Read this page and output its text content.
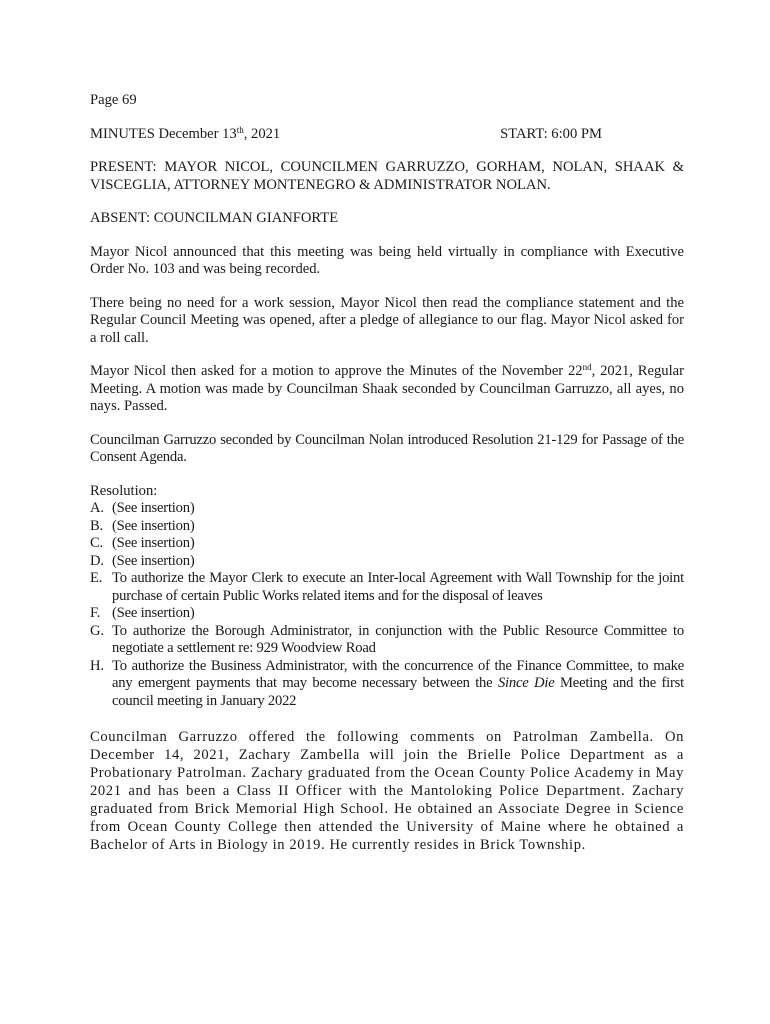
Page 69

MINUTES December 13th, 2021	START: 6:00 PM

PRESENT: MAYOR NICOL, COUNCILMEN GARRUZZO, GORHAM, NOLAN, SHAAK & VISCEGLIA, ATTORNEY MONTENEGRO & ADMINISTRATOR NOLAN.

ABSENT: COUNCILMAN GIANFORTE

Mayor Nicol announced that this meeting was being held virtually in compliance with Executive Order No. 103 and was being recorded.

There being no need for a work session, Mayor Nicol then read the compliance statement and the Regular Council Meeting was opened, after a pledge of allegiance to our flag. Mayor Nicol asked for a roll call.

Mayor Nicol then asked for a motion to approve the Minutes of the November 22nd, 2021, Regular Meeting. A motion was made by Councilman Shaak seconded by Councilman Garruzzo, all ayes, no nays. Passed.

Councilman Garruzzo seconded by Councilman Nolan introduced Resolution 21-129 for Passage of the Consent Agenda.

Resolution:

A. (See insertion)
B. (See insertion)
C. (See insertion)
D. (See insertion)
E. To authorize the Mayor Clerk to execute an Inter-local Agreement with Wall Township for the joint purchase of certain Public Works related items and for the disposal of leaves
F. (See insertion)
G. To authorize the Borough Administrator, in conjunction with the Public Resource Committee to negotiate a settlement re: 929 Woodview Road
H. To authorize the Business Administrator, with the concurrence of the Finance Committee, to make any emergent payments that may become necessary between the Since Die Meeting and the first council meeting in January 2022

Councilman Garruzzo offered the following comments on Patrolman Zambella. On December 14, 2021, Zachary Zambella will join the Brielle Police Department as a Probationary Patrolman. Zachary graduated from the Ocean County Police Academy in May 2021 and has been a Class II Officer with the Mantoloking Police Department. Zachary graduated from Brick Memorial High School. He obtained an Associate Degree in Science from Ocean County College then attended the University of Maine where he obtained a Bachelor of Arts in Biology in 2019. He currently resides in Brick Township.
